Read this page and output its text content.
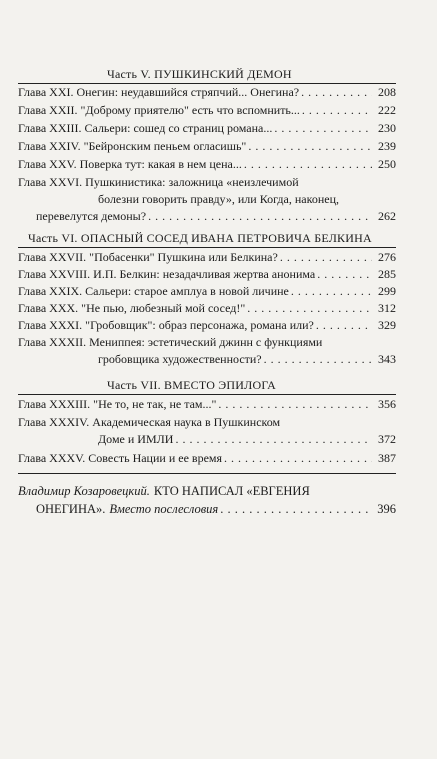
Часть V. ПУШКИНСКИЙ ДЕМОН
Глава XXI. Онегин: неудавшийся стряпчий... Онегина? . . .	208
Глава XXII. "Доброму приятелю" есть что вспомнить... . . .	222
Глава XXIII. Сальери: сошед со страниц романа... . . .	230
Глава XXIV. "Бейронским пеньем огласишь" . . .	239
Глава XXV. Поверка тут: какая в нем цена... . . .	250
Глава XXVI. Пушкинистика: заложница «неизлечимой
болезни говорить правду», или Когда, наконец,
перевелутся демоны? . . .	262
Часть VI. ОПАСНЫЙ СОСЕД ИВАНА ПЕТРОВИЧА БЕЛКИНА
Глава XXVII. "Побасенки" Пушкина или Белкина? . . .	276
Глава XXVIII. И.П. Белкин: незадачливая жертва анонима . . .	285
Глава XXIX. Сальери: старое амплуа в новой личине . . .	299
Глава XXX. "Не пью, любезный мой сосед!" . . .	312
Глава XXXI. "Гробовщик": образ персонажа, романа или? . . .	329
Глава XXXII. Мениппея: эстетический джинн с функциями
гробовщика художественности? . . .	343
Часть VII. ВМЕСТО ЭПИЛОГА
Глава XXXIII. "Не то, не так, не там..." . . .	356
Глава XXXIV. Академическая наука в Пушкинском
Доме и ИМЛИ . . .	372
Глава XXXV. Совесть Нации и ее время . . .	387
Владимир Козаровецкий. КТО НАПИСАЛ «ЕВГЕНИЯ
ОНЕГИНА». Вместо послесловия . . .	396
